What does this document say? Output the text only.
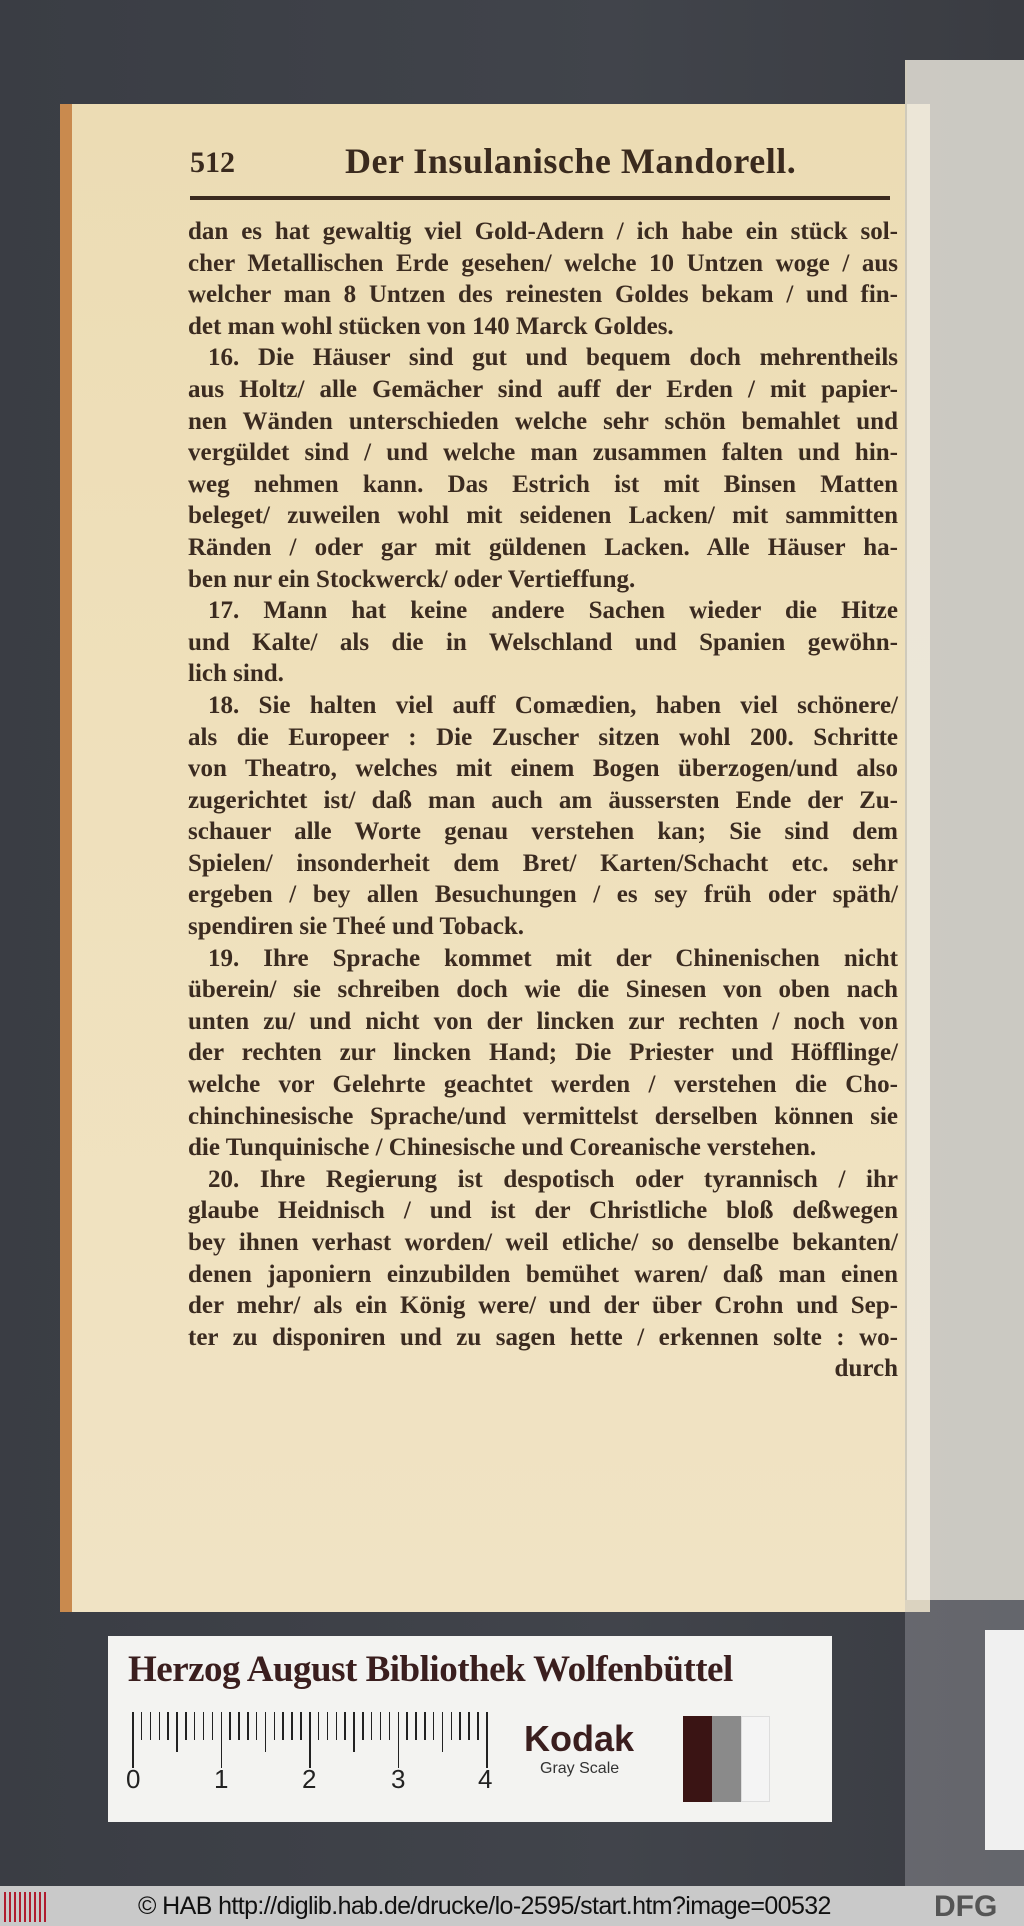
512	Der Insulanische Mandorell.
dan es hat gewaltig viel Gold-Adern / ich habe ein stück sol-
cher Metallischen Erde gesehen/ welche 10 Untzen woge / aus
welcher man 8 Untzen des reinesten Goldes bekam / und fin-
det man wohl stücken von 140 Marck Goldes.
16. Die Häuser sind gut und bequem doch mehrentheils
aus Holtz/ alle Gemächer sind auff der Erden / mit papier-
nen Wänden unterschieden welche sehr schön bemahlet und
vergüldet sind / und welche man zusammen falten und hin-
weg nehmen kann. Das Estrich ist mit Binsen Matten
beleget/ zuweilen wohl mit seidenen Lacken/ mit sammitten
Ränden / oder gar mit güldenen Lacken. Alle Häuser ha-
ben nur ein Stockwerck/ oder Vertieffung.
17. Mann hat keine andere Sachen wieder die Hitze
und Kalte/ als die in Welschland und Spanien gewöhn-
lich sind.
18. Sie halten viel auff Comædien, haben viel schönere/
als die Europeer : Die Zuscher sitzen wohl 200. Schritte
von Theatro, welches mit einem Bogen überzogen/und also
zugerichtet ist/ daß man auch am äussersten Ende der Zu-
schauer alle Worte genau verstehen kan; Sie sind dem
Spielen/ insonderheit dem Bret/ Karten/Schacht etc. sehr
ergeben / bey allen Besuchungen / es sey früh oder späth/
spendiren sie Theé und Toback.
19. Ihre Sprache kommet mit der Chinenischen nicht
überein/ sie schreiben doch wie die Sinesen von oben nach
unten zu/ und nicht von der lincken zur rechten / noch von
der rechten zur lincken Hand; Die Priester und Höfflinge/
welche vor Gelehrte geachtet werden / verstehen die Cho-
chinchinesische Sprache/und vermittelst derselben können sie
die Tunquinische / Chinesische und Coreanische verstehen.
20. Ihre Regierung ist despotisch oder tyrannisch / ihr
glaube Heidnisch / und ist der Christliche bloß deßwegen
bey ihnen verhast worden/ weil etliche/ so denselbe bekanten/
denen japoniern einzubilden bemühet waren/ daß man einen
der mehr/ als ein König were/ und der über Crohn und Sep-
ter zu disponiren und zu sagen hette / erkennen solte : wo-
durch
Herzog August Bibliothek Wolfenbüttel
0	1	2	3	4
Kodak
Gray Scale
© HAB http://diglib.hab.de/drucke/lo-2595/start.htm?image=00532	DFG
